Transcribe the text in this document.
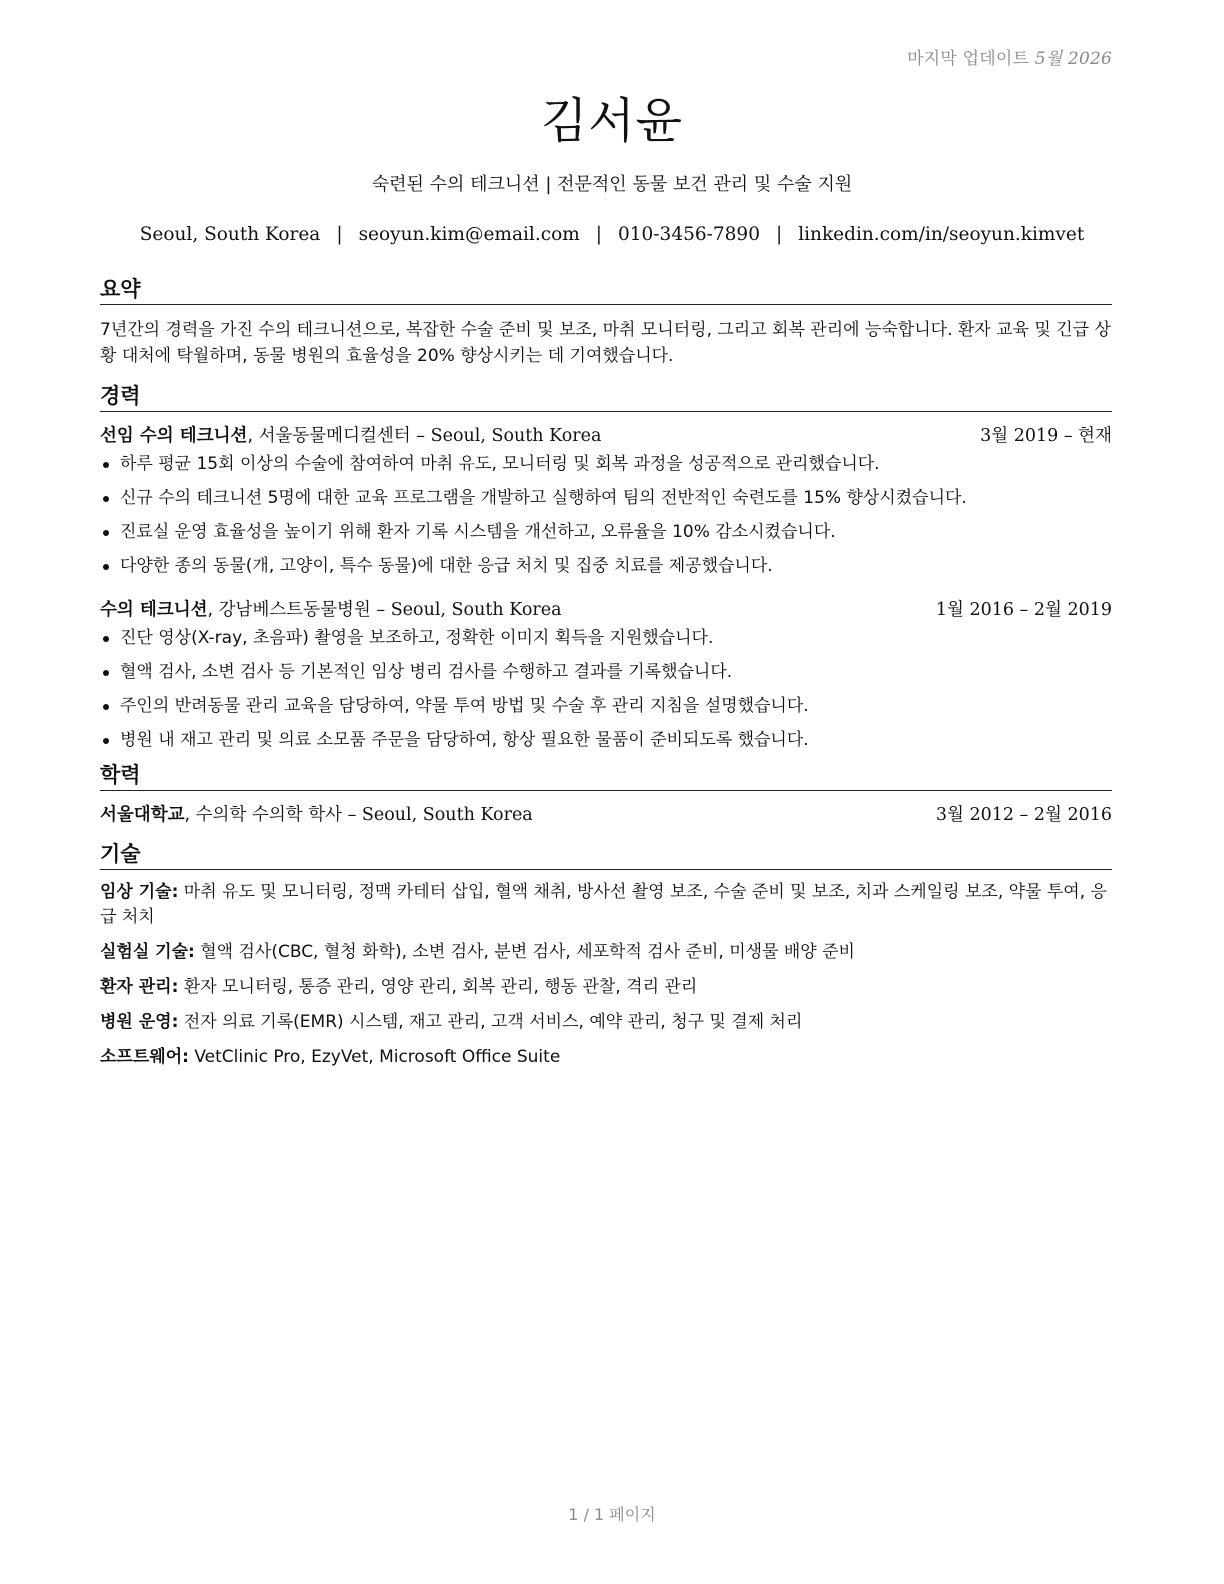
마지막 업데이트 5월 2026
김서윤
숙련된 수의 테크니션 | 전문적인 동물 보건 관리 및 수술 지원
Seoul, South Korea | seoyun.kim@email.com | 010-3456-7890 | linkedin.com/in/seoyun.kimvet
요약

7년간의 경력을 가진 수의 테크니션으로, 복잡한 수술 준비 및 보조, 마취 모니터링, 그리고 회복 관리에 능숙합니다. 환자 교육 및 긴급 상황 대처에 탁월하며, 동물 병원의 효율성을 20% 향상시키는 데 기여했습니다.

경력
선임 수의 테크니션, 서울동물메디컬센터 – Seoul, South Korea	3월 2019 – 현재
하루 평균 15회 이상의 수술에 참여하여 마취 유도, 모니터링 및 회복 과정을 성공적으로 관리했습니다.
신규 수의 테크니션 5명에 대한 교육 프로그램을 개발하고 실행하여 팀의 전반적인 숙련도를 15% 향상시켰습니다.
진료실 운영 효율성을 높이기 위해 환자 기록 시스템을 개선하고, 오류율을 10% 감소시켰습니다.
다양한 종의 동물(개, 고양이, 특수 동물)에 대한 응급 처치 및 집중 치료를 제공했습니다.
수의 테크니션, 강남베스트동물병원 – Seoul, South Korea	1월 2016 – 2월 2019
진단 영상(X-ray, 초음파) 촬영을 보조하고, 정확한 이미지 획득을 지원했습니다.
혈액 검사, 소변 검사 등 기본적인 임상 병리 검사를 수행하고 결과를 기록했습니다.
주인의 반려동물 관리 교육을 담당하여, 약물 투여 방법 및 수술 후 관리 지침을 설명했습니다.
병원 내 재고 관리 및 의료 소모품 주문을 담당하여, 항상 필요한 물품이 준비되도록 했습니다.
학력
서울대학교, 수의학 수의학 학사 – Seoul, South Korea	3월 2012 – 2월 2016
기술
임상 기술: 마취 유도 및 모니터링, 정맥 카테터 삽입, 혈액 채취, 방사선 촬영 보조, 수술 준비 및 보조, 치과 스케일링 보조, 약물 투여, 응급 처치
실험실 기술: 혈액 검사(CBC, 혈청 화학), 소변 검사, 분변 검사, 세포학적 검사 준비, 미생물 배양 준비
환자 관리: 환자 모니터링, 통증 관리, 영양 관리, 회복 관리, 행동 관찰, 격리 관리
병원 운영: 전자 의료 기록(EMR) 시스템, 재고 관리, 고객 서비스, 예약 관리, 청구 및 결제 처리
소프트웨어: VetClinic Pro, EzyVet, Microsoft Office Suite
1 / 1 페이지
